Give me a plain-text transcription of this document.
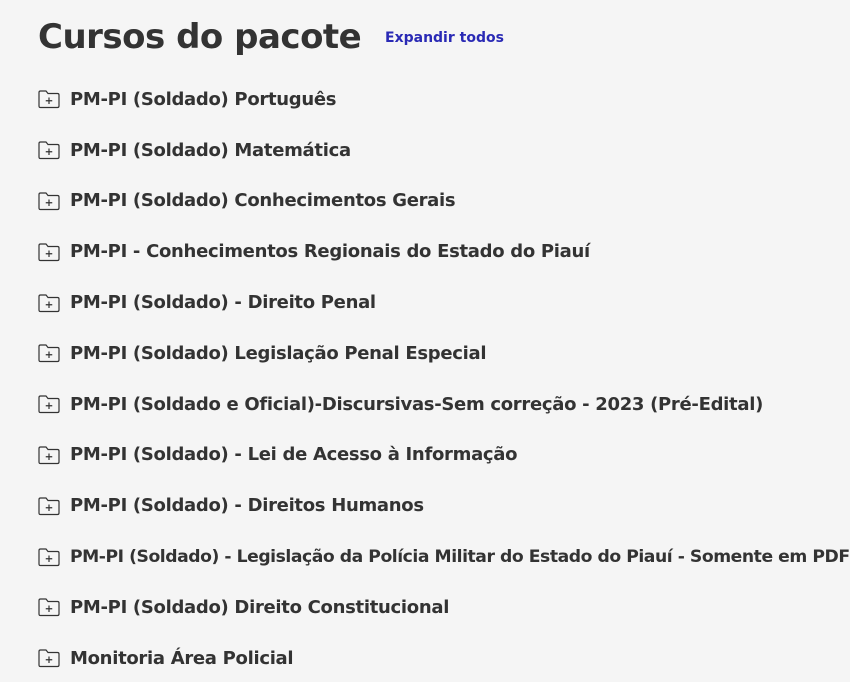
Cursos do pacote Expandir todos
PM-PI (Soldado) Português
PM-PI (Soldado) Matemática
PM-PI (Soldado) Conhecimentos Gerais
PM-PI - Conhecimentos Regionais do Estado do Piauí
PM-PI (Soldado) - Direito Penal
PM-PI (Soldado) Legislação Penal Especial
PM-PI (Soldado e Oficial)-Discursivas-Sem correção - 2023 (Pré-Edital)
PM-PI (Soldado) - Lei de Acesso à Informação
PM-PI (Soldado) - Direitos Humanos
PM-PI (Soldado) - Legislação da Polícia Militar do Estado do Piauí - Somente em PDF
PM-PI (Soldado) Direito Constitucional
Monitoria Área Policial
